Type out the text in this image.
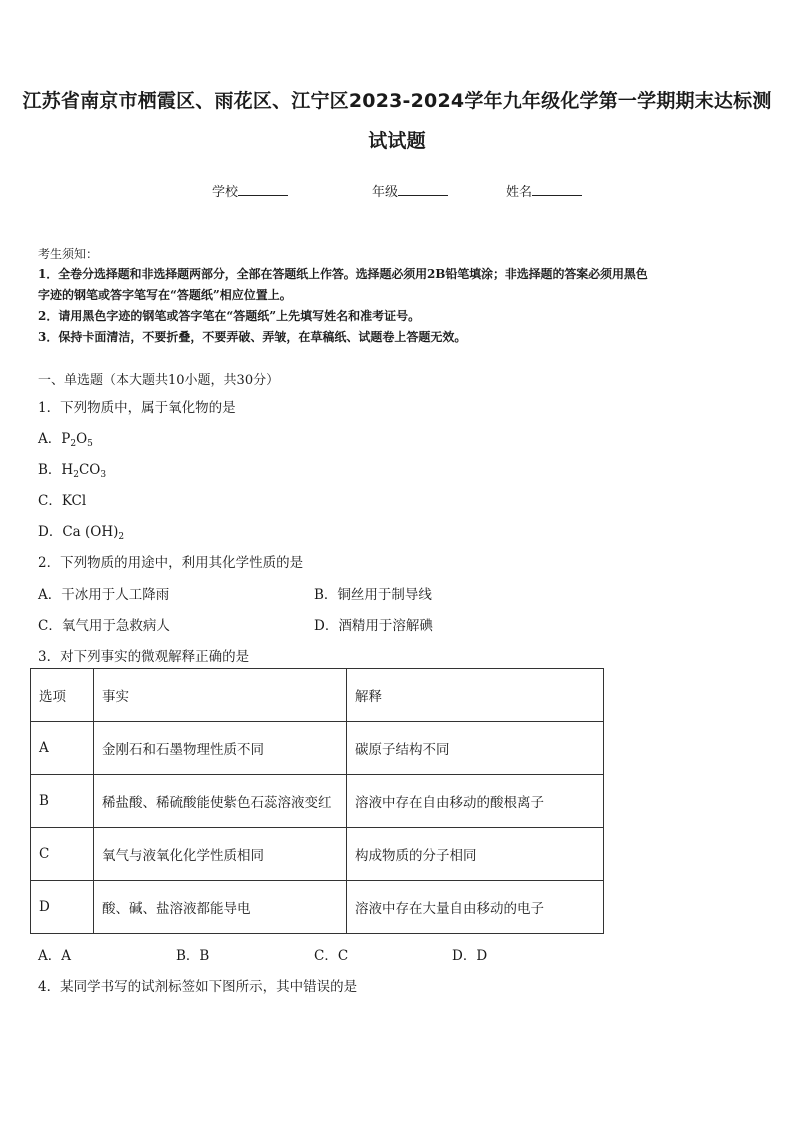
江苏省南京市栖霞区、雨花区、江宁区2023-2024学年九年级化学第一学期期末达标测
试试题
学校	年级	姓名
考生须知：
1．全卷分选择题和非选择题两部分，全部在答题纸上作答。选择题必须用2B铅笔填涂；非选择题的答案必须用黑色
字迹的钢笔或答字笔写在“答题纸”相应位置上。
2．请用黑色字迹的钢笔或答字笔在“答题纸”上先填写姓名和准考证号。
3．保持卡面清洁，不要折叠，不要弄破、弄皱，在草稿纸、试题卷上答题无效。
一、单选题（本大题共10小题，共30分）
1．下列物质中，属于氧化物的是
A．$P_2O_5$
B．$H_2CO_3$
C．KCl
D．Ca $(OH)_2$
2．下列物质的用途中，利用其化学性质的是
A．干冰用于人工降雨	B．铜丝用于制导线
C．氧气用于急救病人	D．酒精用于溶解碘
3．对下列事实的微观解释正确的是
选项	事实	解释
A	金刚石和石墨物理性质不同	碳原子结构不同
B	稀盐酸、稀硫酸能使紫色石蕊溶液变红	溶液中存在自由移动的酸根离子
C	氧气与液氧化化学性质相同	构成物质的分子相同
D	酸、碱、盐溶液都能导电	溶液中存在大量自由移动的电子
A．A	B．B	C．C	D．D
4．某同学书写的试剂标签如下图所示，其中错误的是
